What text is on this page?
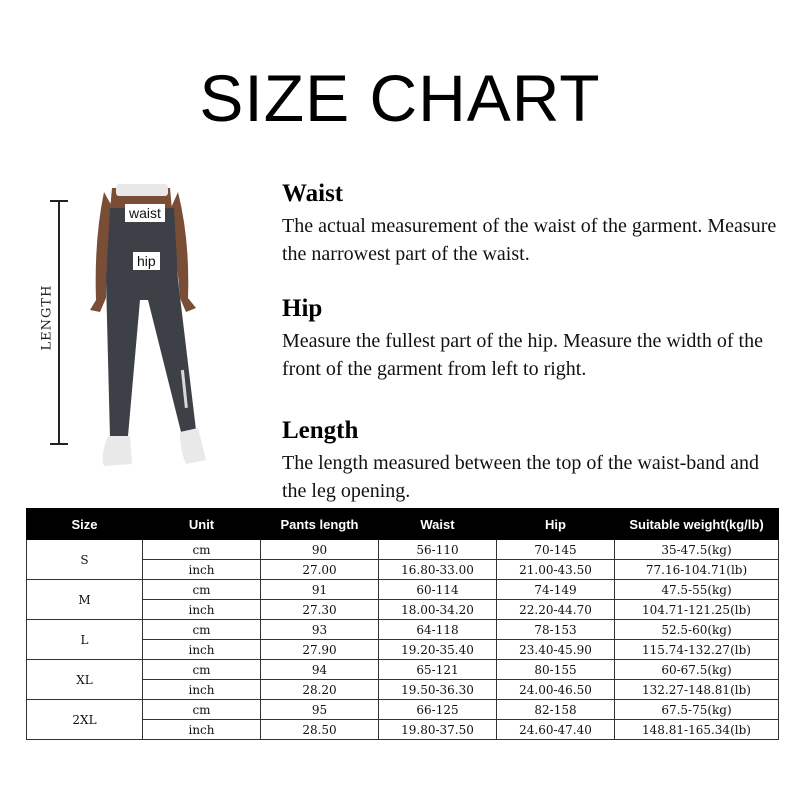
SIZE CHART
LENGTH
waist
hip
Waist

The actual measurement of the waist of the garment. Measure the narrowest part of the waist.

Hip

Measure the fullest part of the hip. Measure the width of the front of the garment from left to right.

Length

The length measured between the top of the waist-band and the leg opening.

Size	Unit	Pants length	Waist	Hip	Suitable weight(kg/lb)
S	cm	90	56-110	70-145	35-47.5(kg)
	inch	27.00	16.80-33.00	21.00-43.50	77.16-104.71(lb)
M	cm	91	60-114	74-149	47.5-55(kg)
	inch	27.30	18.00-34.20	22.20-44.70	104.71-121.25(lb)
L	cm	93	64-118	78-153	52.5-60(kg)
	inch	27.90	19.20-35.40	23.40-45.90	115.74-132.27(lb)
XL	cm	94	65-121	80-155	60-67.5(kg)
	inch	28.20	19.50-36.30	24.00-46.50	132.27-148.81(lb)
2XL	cm	95	66-125	82-158	67.5-75(kg)
	inch	28.50	19.80-37.50	24.60-47.40	148.81-165.34(lb)
